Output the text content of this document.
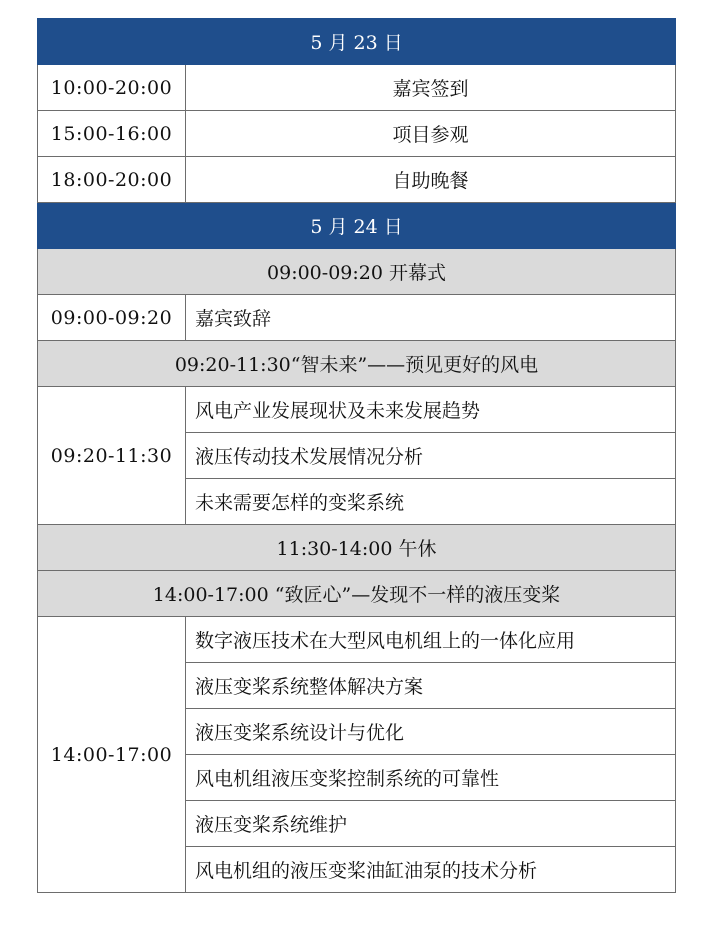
5 月 23 日	
10:00-20:00	嘉宾签到
15:00-16:00	项目参观
18:00-20:00	自助晚餐
5 月 24 日	
09:00-09:20 开幕式	
09:00-09:20	嘉宾致辞
09:20-11:30“智未来”——预见更好的风电	
09:20-11:30	风电产业发展现状及未来发展趋势
	液压传动技术发展情况分析
	未来需要怎样的变桨系统
11:30-14:00 午休	
14:00-17:00 “致匠心”—发现不一样的液压变桨	
14:00-17:00	数字液压技术在大型风电机组上的一体化应用
	液压变桨系统整体解决方案
	液压变桨系统设计与优化
	风电机组液压变桨控制系统的可靠性
	液压变桨系统维护
	风电机组的液压变桨油缸油泵的技术分析
